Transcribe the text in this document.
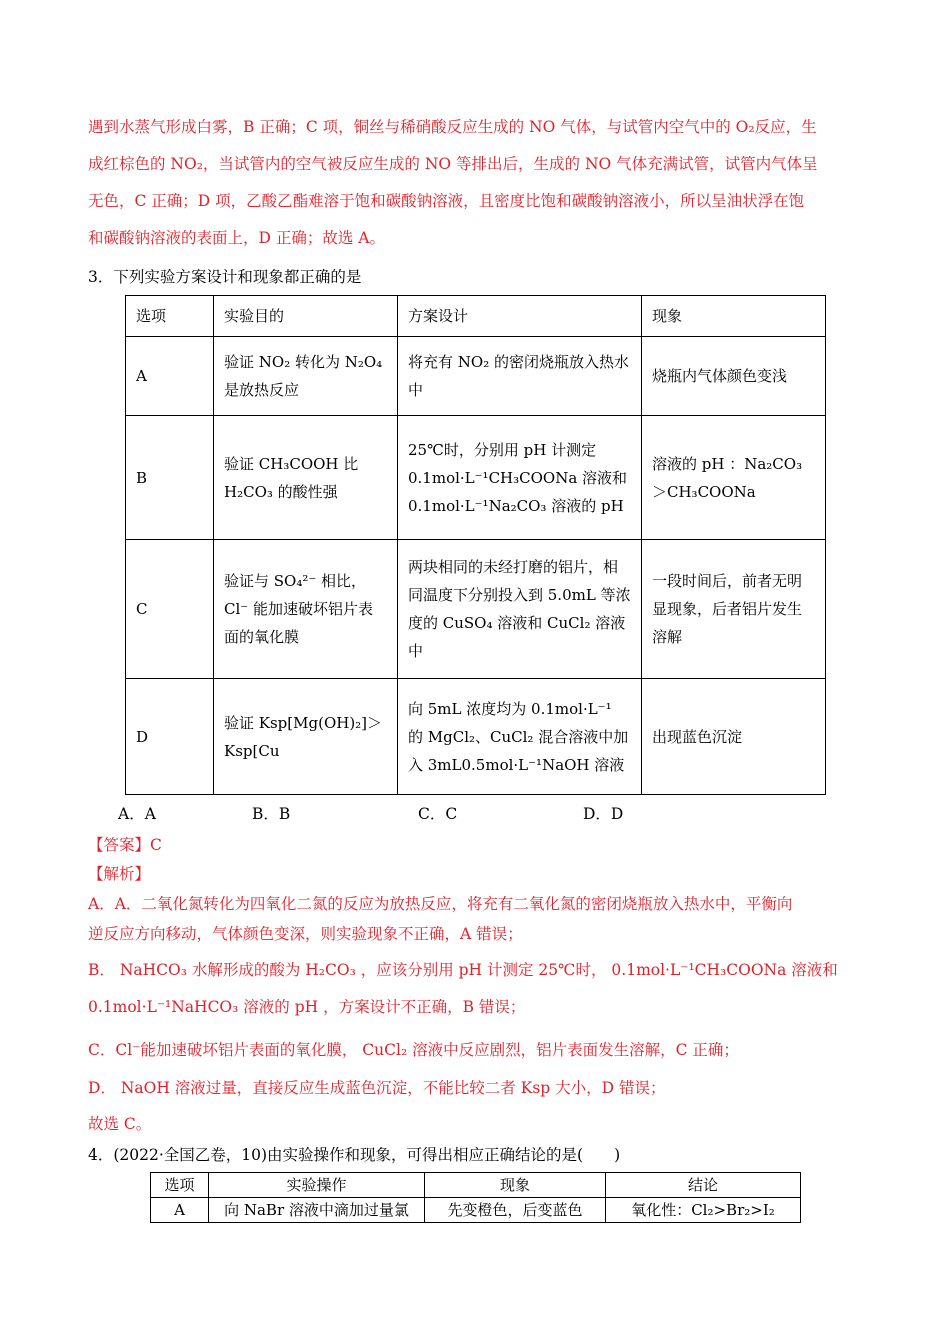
遇到水蒸气形成白雾，B 正确；C 项，铜丝与稀硝酸反应生成的 NO 气体，与试管内空气中的 O₂反应，生
成红棕色的 NO₂，当试管内的空气被反应生成的 NO 等排出后，生成的 NO 气体充满试管，试管内气体呈
无色，C 正确；D 项，乙酸乙酯难溶于饱和碳酸钠溶液，且密度比饱和碳酸钠溶液小，所以呈油状浮在饱
和碳酸钠溶液的表面上，D 正确；故选 A。
3．下列实验方案设计和现象都正确的是
选项	实验目的	方案设计	现象
A	验证 NO₂ 转化为 N₂O₄ 是放热反应	将充有 NO₂ 的密闭烧瓶放入热水中	烧瓶内气体颜色变浅
B	验证 CH₃COOH 比 H₂CO₃ 的酸性强	25℃时，分别用 pH 计测定 0.1mol·L⁻¹CH₃COONa 溶液和 0.1mol·L⁻¹Na₂CO₃ 溶液的 pH	溶液的 pH ：Na₂CO₃＞CH₃COONa
C	验证与 SO₄²⁻ 相比，Cl⁻ 能加速破坏铝片表面的氧化膜	两块相同的未经打磨的铝片，相同温度下分别投入到 5.0mL 等浓度的 CuSO₄ 溶液和 CuCl₂ 溶液中	一段时间后，前者无明显现象，后者铝片发生溶解
D	验证 Ksp[Mg(OH)₂]＞Ksp[Cu	向 5mL 浓度均为 0.1mol·L⁻¹ 的 MgCl₂、CuCl₂ 混合溶液中加入 3mL0.5mol·L⁻¹NaOH 溶液	出现蓝色沉淀
A．A	B．B	C．C	D．D
【答案】C
【解析】
A．A．二氧化氮转化为四氧化二氮的反应为放热反应，将充有二氧化氮的密闭烧瓶放入热水中，平衡向
逆反应方向移动，气体颜色变深，则实验现象不正确，A 错误；
B． NaHCO₃ 水解形成的酸为 H₂CO₃ ，应该分别用 pH 计测定 25℃时， 0.1mol·L⁻¹CH₃COONa 溶液和
0.1mol·L⁻¹NaHCO₃ 溶液的 pH ，方案设计不正确，B 错误；
C．Cl⁻能加速破坏铝片表面的氧化膜， CuCl₂ 溶液中反应剧烈，铝片表面发生溶解，C 正确；
D． NaOH 溶液过量，直接反应生成蓝色沉淀，不能比较二者 Ksp 大小，D 错误；
故选 C。
4．(2022·全国乙卷，10)由实验操作和现象，可得出相应正确结论的是(　　)
选项	实验操作	现象	结论
A	向 NaBr 溶液中滴加过量氯	先变橙色，后变蓝色	氧化性：Cl₂>Br₂>I₂
